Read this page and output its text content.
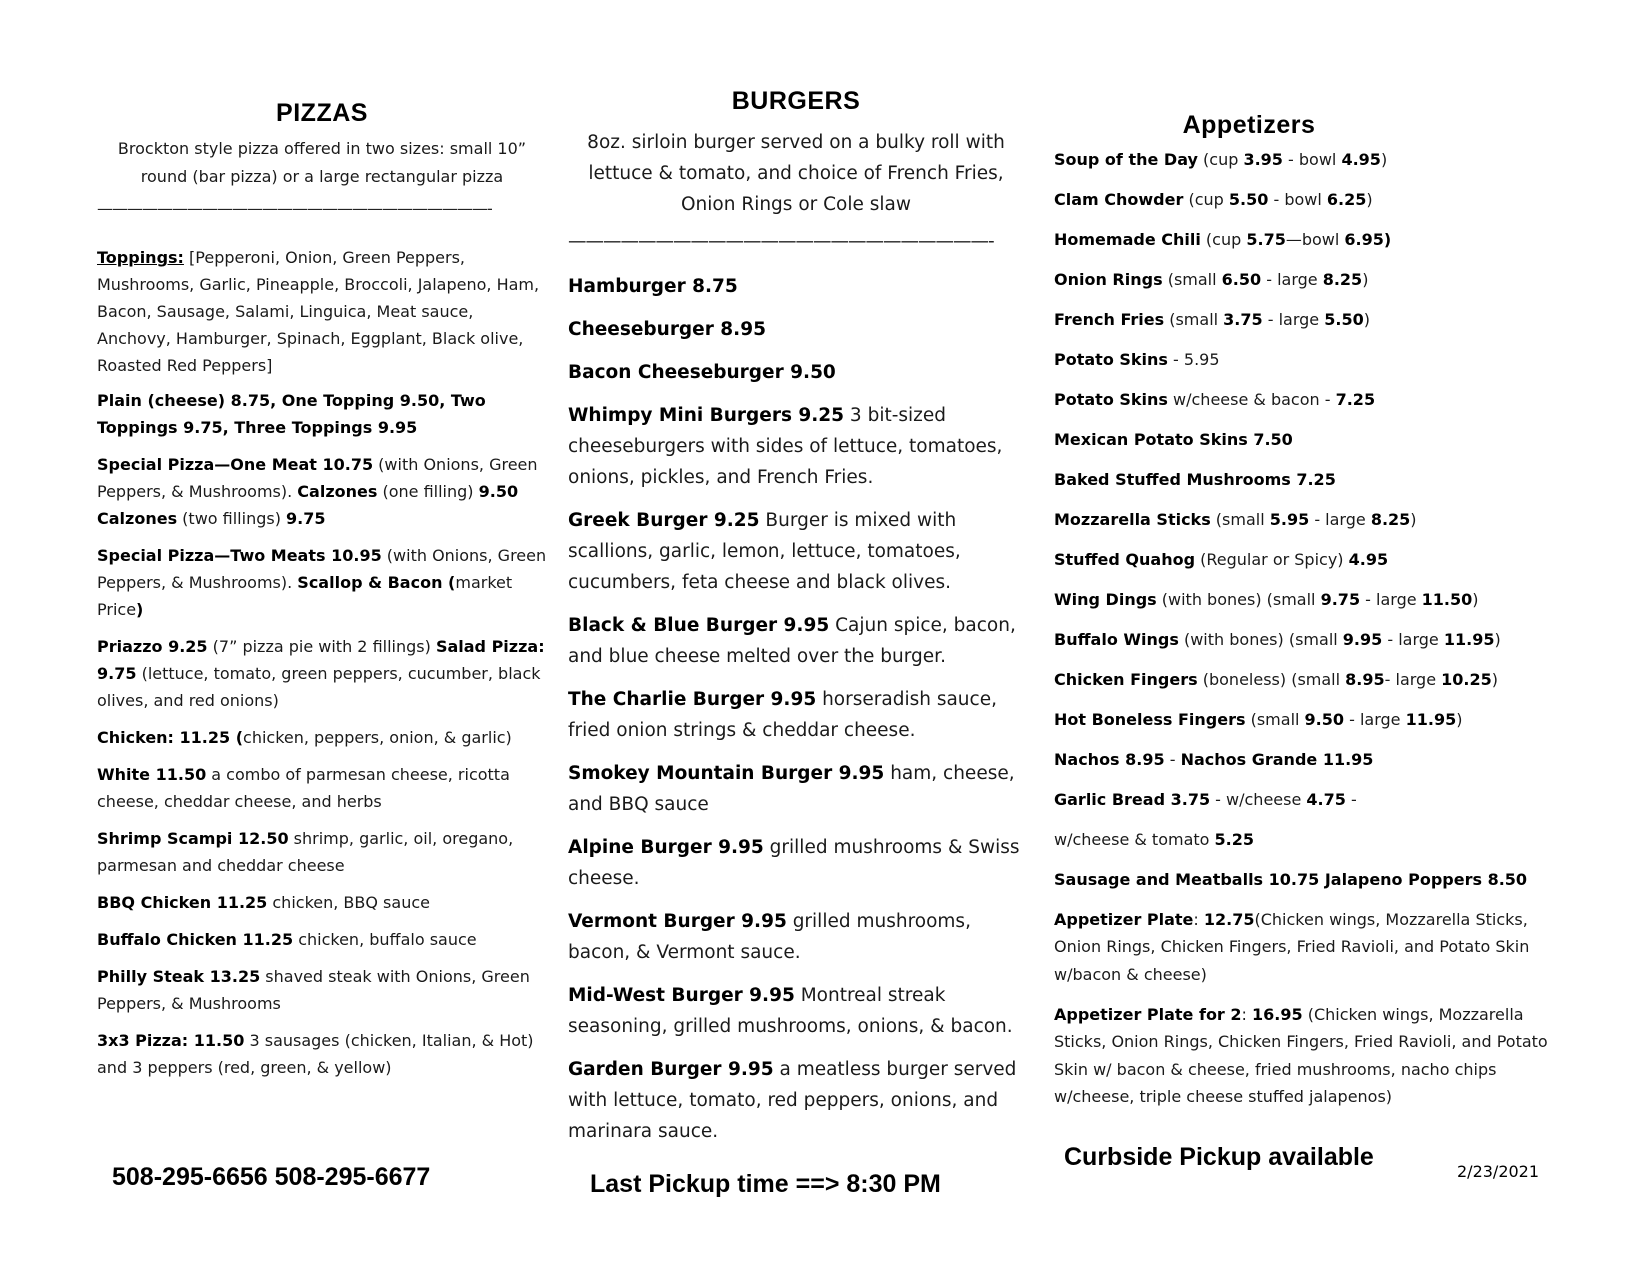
PIZZAS
Brockton style pizza offered in two sizes: small 10” round (bar pizza) or a large rectangular pizza
——————————————————————————-

Toppings: [Pepperoni, Onion, Green Peppers, Mushrooms, Garlic, Pineapple, Broccoli, Jalapeno, Ham, Bacon, Sausage, Salami, Linguica, Meat sauce, Anchovy, Hamburger, Spinach, Eggplant, Black olive, Roasted Red Peppers]

Plain (cheese) 8.75, One Topping 9.50, Two Toppings 9.75, Three Toppings 9.95

Special Pizza—One Meat 10.75 (with Onions, Green Peppers, & Mushrooms). Calzones (one filling) 9.50 Calzones (two fillings) 9.75

Special Pizza—Two Meats 10.95 (with Onions, Green Peppers, & Mushrooms). Scallop & Bacon (market Price)

Priazzo 9.25 (7” pizza pie with 2 fillings) Salad Pizza: 9.75 (lettuce, tomato, green peppers, cucumber, black olives, and red onions)

Chicken: 11.25 (chicken, peppers, onion, & garlic)

White 11.50 a combo of parmesan cheese, ricotta cheese, cheddar cheese, and herbs

Shrimp Scampi 12.50 shrimp, garlic, oil, oregano, parmesan and cheddar cheese

BBQ Chicken 11.25 chicken, BBQ sauce

Buffalo Chicken 11.25 chicken, buffalo sauce

Philly Steak 13.25 shaved steak with Onions, Green Peppers, & Mushrooms

3x3 Pizza: 11.50 3 sausages (chicken, Italian, & Hot) and 3 peppers (red, green, & yellow)

BURGERS
8oz. sirloin burger served on a bulky roll with lettuce & tomato, and choice of French Fries, Onion Rings or Cole slaw
————————————————————————-

Hamburger 8.75

Cheeseburger 8.95

Bacon Cheeseburger 9.50

Whimpy Mini Burgers 9.25 3 bit-sized cheeseburgers with sides of lettuce, tomatoes, onions, pickles, and French Fries.

Greek Burger 9.25 Burger is mixed with scallions, garlic, lemon, lettuce, tomatoes, cucumbers, feta cheese and black olives.

Black & Blue Burger 9.95 Cajun spice, bacon, and blue cheese melted over the burger.

The Charlie Burger 9.95 horseradish sauce, fried onion strings & cheddar cheese.

Smokey Mountain Burger 9.95 ham, cheese, and BBQ sauce

Alpine Burger 9.95 grilled mushrooms & Swiss cheese.

Vermont Burger 9.95 grilled mushrooms, bacon, & Vermont sauce.

Mid-West Burger 9.95 Montreal streak seasoning, grilled mushrooms, onions, & bacon.

Garden Burger 9.95 a meatless burger served with lettuce, tomato, red peppers, onions, and marinara sauce.

Appetizers

Soup of the Day (cup 3.95 - bowl 4.95)

Clam Chowder (cup 5.50 - bowl 6.25)

Homemade Chili (cup 5.75—bowl 6.95)

Onion Rings (small 6.50 - large 8.25)

French Fries (small 3.75 - large 5.50)

Potato Skins - 5.95

Potato Skins w/cheese & bacon - 7.25

Mexican Potato Skins 7.50

Baked Stuffed Mushrooms 7.25

Mozzarella Sticks (small 5.95 - large 8.25)

Stuffed Quahog (Regular or Spicy) 4.95

Wing Dings (with bones) (small 9.75 - large 11.50)

Buffalo Wings (with bones) (small 9.95 - large 11.95)

Chicken Fingers (boneless) (small 8.95- large 10.25)

Hot Boneless Fingers (small 9.50 - large 11.95)

Nachos 8.95 - Nachos Grande 11.95

Garlic Bread 3.75 - w/cheese 4.75 -

w/cheese & tomato 5.25

Sausage and Meatballs 10.75 Jalapeno Poppers 8.50

Appetizer Plate: 12.75(Chicken wings, Mozzarella Sticks, Onion Rings, Chicken Fingers, Fried Ravioli, and Potato Skin w/bacon & cheese)

Appetizer Plate for 2: 16.95 (Chicken wings, Mozzarella Sticks, Onion Rings, Chicken Fingers, Fried Ravioli, and Potato Skin w/ bacon & cheese, fried mushrooms, nacho chips w/cheese, triple cheese stuffed jalapenos)

508-295-6656 508-295-6677	Last Pickup time ==> 8:30 PM
Curbside Pickup available
2/23/2021
